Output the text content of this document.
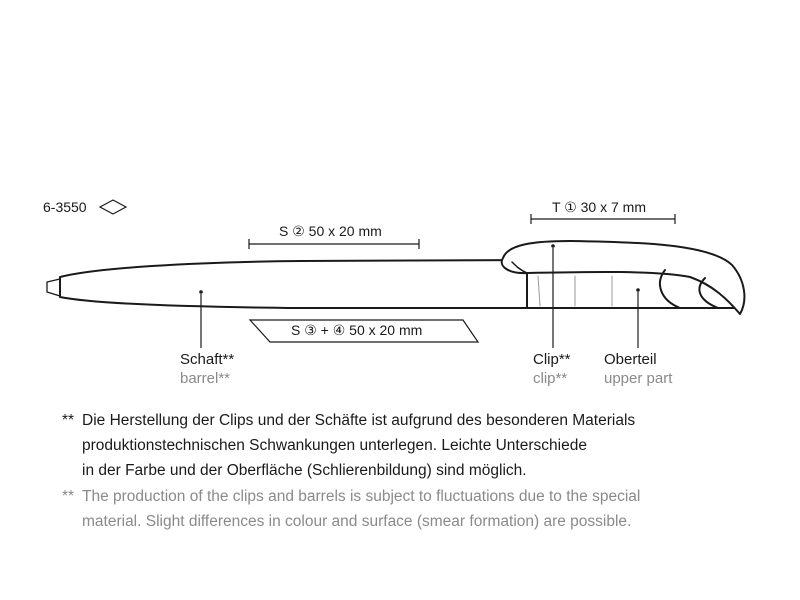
6-3550
S ② 50 x 20 mm
T ① 30 x 7 mm
S ③ + ④ 50 x 20 mm
Schaft**
barrel**
Clip**
clip**
Oberteil
upper part
** Die Herstellung der Clips und der Schäfte ist aufgrund des besonderen Materials
produktionstechnischen Schwankungen unterlegen. Leichte Unterschiede
in der Farbe und der Oberfläche (Schlierenbildung) sind möglich.
** The production of the clips and barrels is subject to fluctuations due to the special
material. Slight differences in colour and surface (smear formation) are possible.
